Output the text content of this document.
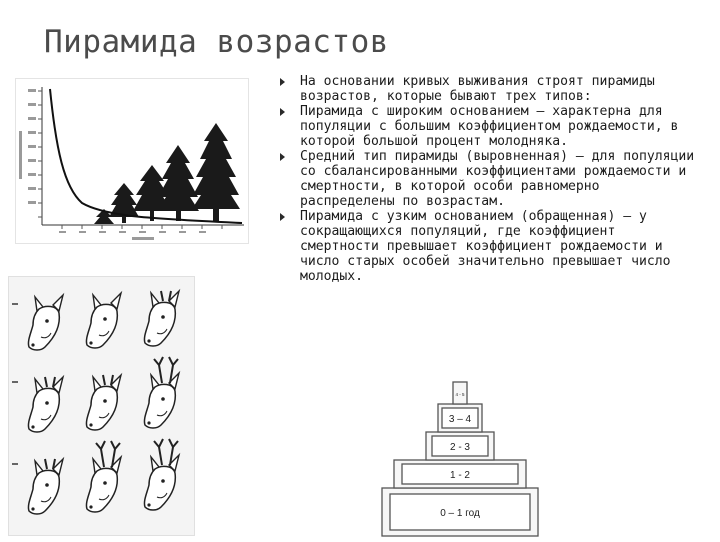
Пирамида возрастов
На основании кривых выживания строят пирамиды возрастов, которые бывают трех типов:
Пирамида с широким основанием – характерна для популяции с большим коэффициентом рождаемости, в которой большой процент молодняка.
Средний тип пирамиды (выровненная) – для популяции со сбалансированными коэффициентами рождаемости и смертности, в которой особи равномерно распределены по возрастам.
Пирамида с узким основанием (обращенная) – у сокращающихся популяций, где коэффициент смертности превышает коэффициент рождаемости и число старых особей значительно превышает число молодых.
0 – 1 год
1 - 2
2 - 3
3 – 4
4 - 5
